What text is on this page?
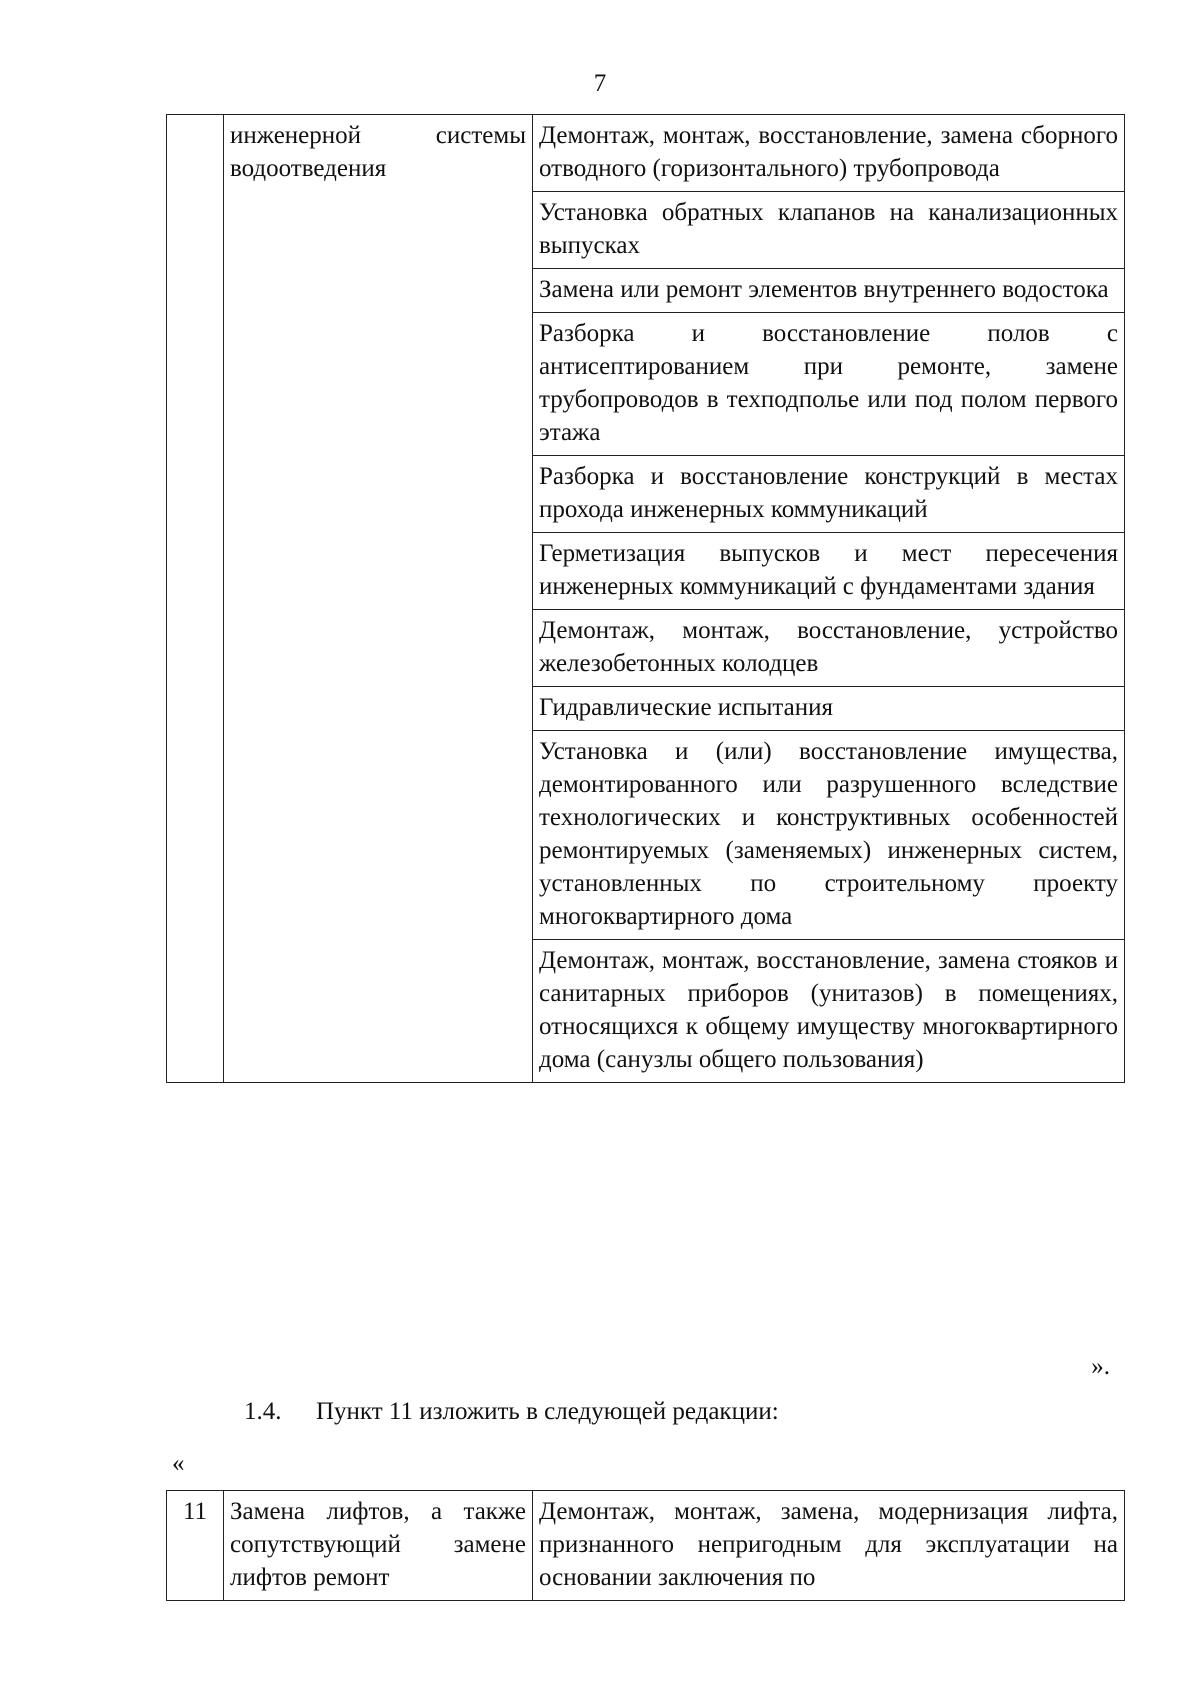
7
	инженерной системы водоотведения	Демонтаж, монтаж, восстановление, замена сборного отводного (горизонтального) трубопровода
Установка обратных клапанов на канализационных выпусках
Замена или ремонт элементов внутреннего водостока
Разборка и восстановление полов с антисептированием при ремонте, замене трубопроводов в техподполье или под полом первого этажа
Разборка и восстановление конструкций в местах прохода инженерных коммуникаций
Герметизация выпусков и мест пересечения инженерных коммуникаций с фундаментами здания
Демонтаж, монтаж, восстановление, устройство железобетонных колодцев
Гидравлические испытания
Установка и (или) восстановление имущества, демонтированного или разрушенного вследствие технологических и конструктивных особенностей ремонтируемых (заменяемых) инженерных систем, установленных по строительному проекту многоквартирного дома
Демонтаж, монтаж, восстановление, замена стояков и санитарных приборов (унитазов) в помещениях, относящихся к общему имуществу многоквартирного дома (санузлы общего пользования)
».
1.4. Пункт 11 изложить в следующей редакции:
«
11	Замена лифтов, а также сопутствующий замене лифтов ремонт	Демонтаж, монтаж, замена, модернизация лифта, признанного непригодным для эксплуатации на основании заключения по
